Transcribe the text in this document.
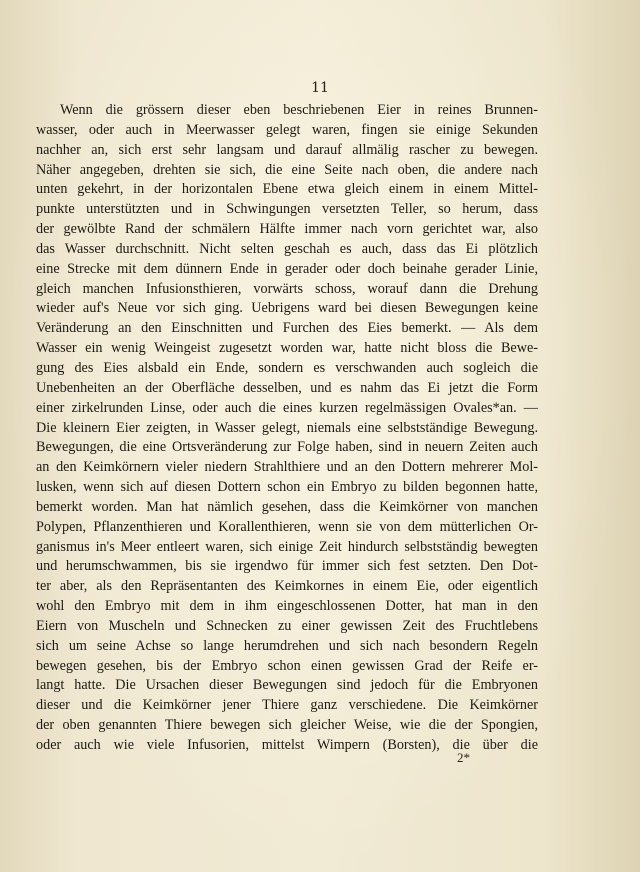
11
Wenn die grössern dieser eben beschriebenen Eier in reines Brunnen-
wasser, oder auch in Meerwasser gelegt waren, fingen sie einige Sekunden
nachher an, sich erst sehr langsam und darauf allmälig rascher zu bewegen.
Näher angegeben, drehten sie sich, die eine Seite nach oben, die andere nach
unten gekehrt, in der horizontalen Ebene etwa gleich einem in einem Mittel-
punkte unterstützten und in Schwingungen versetzten Teller, so herum, dass
der gewölbte Rand der schmälern Hälfte immer nach vorn gerichtet war, also
das Wasser durchschnitt. Nicht selten geschah es auch, dass das Ei plötzlich
eine Strecke mit dem dünnern Ende in gerader oder doch beinahe gerader Linie,
gleich manchen Infusionsthieren, vorwärts schoss, worauf dann die Drehung
wieder auf's Neue vor sich ging. Uebrigens ward bei diesen Bewegungen keine
Veränderung an den Einschnitten und Furchen des Eies bemerkt. — Als dem
Wasser ein wenig Weingeist zugesetzt worden war, hatte nicht bloss die Bewe-
gung des Eies alsbald ein Ende, sondern es verschwanden auch sogleich die
Unebenheiten an der Oberfläche desselben, und es nahm das Ei jetzt die Form
einer zirkelrunden Linse, oder auch die eines kurzen regelmässigen Ovales*an. —
Die kleinern Eier zeigten, in Wasser gelegt, niemals eine selbstständige Bewegung.
Bewegungen, die eine Ortsveränderung zur Folge haben, sind in neuern Zeiten auch
an den Keimkörnern vieler niedern Strahlthiere und an den Dottern mehrerer Mol-
lusken, wenn sich auf diesen Dottern schon ein Embryo zu bilden begonnen hatte,
bemerkt worden. Man hat nämlich gesehen, dass die Keimkörner von manchen
Polypen, Pflanzenthieren und Korallenthieren, wenn sie von dem mütterlichen Or-
ganismus in's Meer entleert waren, sich einige Zeit hindurch selbstständig bewegten
und herumschwammen, bis sie irgendwo für immer sich fest setzten. Den Dot-
ter aber, als den Repräsentanten des Keimkornes in einem Eie, oder eigentlich
wohl den Embryo mit dem in ihm eingeschlossenen Dotter, hat man in den
Eiern von Muscheln und Schnecken zu einer gewissen Zeit des Fruchtlebens
sich um seine Achse so lange herumdrehen und sich nach besondern Regeln
bewegen gesehen, bis der Embryo schon einen gewissen Grad der Reife er-
langt hatte. Die Ursachen dieser Bewegungen sind jedoch für die Embryonen
dieser und die Keimkörner jener Thiere ganz verschiedene. Die Keimkörner
der oben genannten Thiere bewegen sich gleicher Weise, wie die der Spongien,
oder auch wie viele Infusorien, mittelst Wimpern (Borsten), die über die
2*
